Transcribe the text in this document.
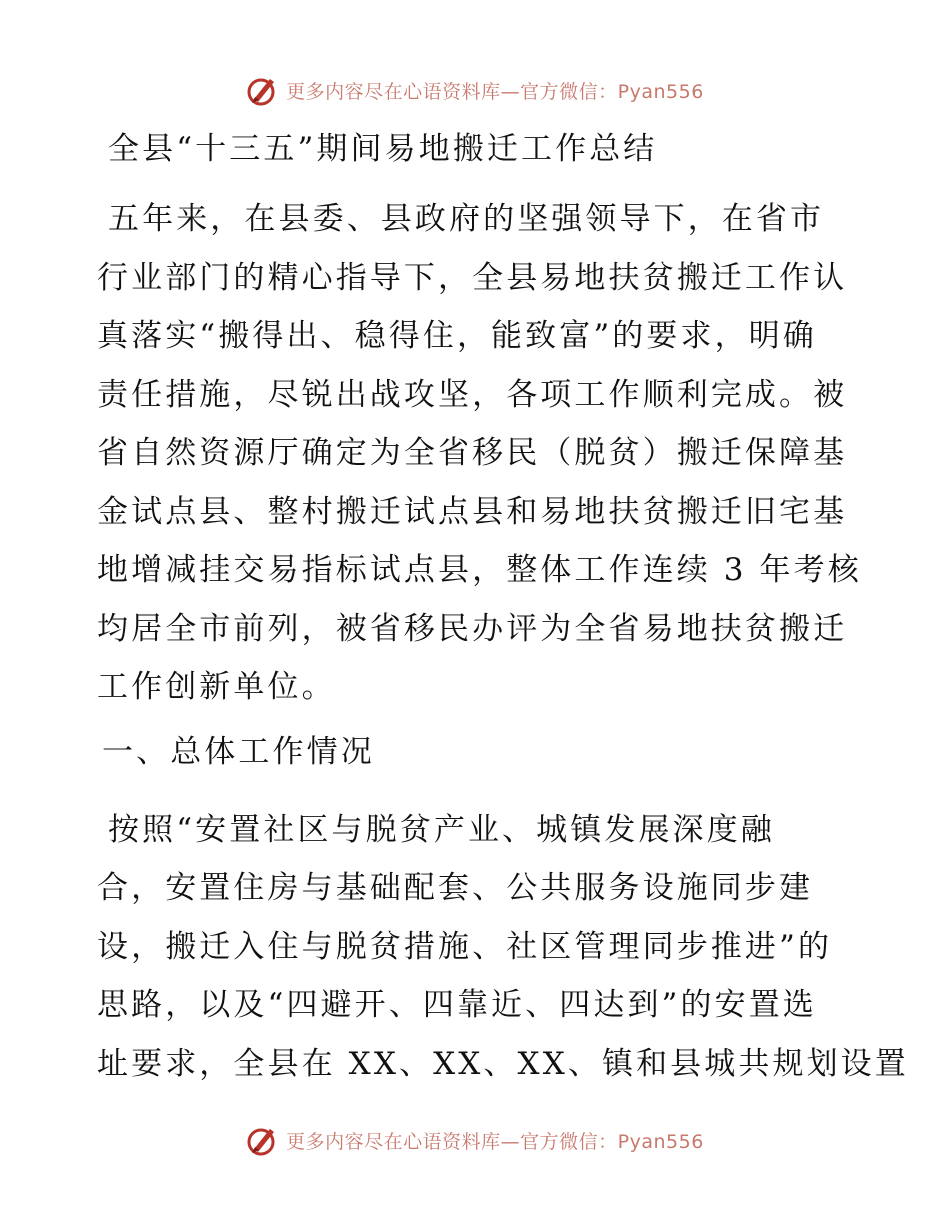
更多内容尽在心语资料库—官方微信：Pyan556

全县“十三五”期间易地搬迁工作总结

五年来，在县委、县政府的坚强领导下，在省市
行业部门的精心指导下，全县易地扶贫搬迁工作认
真落实“搬得出、稳得住，能致富”的要求，明确
责任措施，尽锐出战攻坚，各项工作顺利完成。被
省自然资源厅确定为全省移民（脱贫）搬迁保障基
金试点县、整村搬迁试点县和易地扶贫搬迁旧宅基
地增减挂交易指标试点县，整体工作连续 3 年考核
均居全市前列，被省移民办评为全省易地扶贫搬迁
工作创新单位。

一、总体工作情况

按照“安置社区与脱贫产业、城镇发展深度融
合，安置住房与基础配套、公共服务设施同步建
设，搬迁入住与脱贫措施、社区管理同步推进”的
思路，以及“四避开、四靠近、四达到”的安置选
址要求，全县在 XX、XX、XX、镇和县城共规划设置

更多内容尽在心语资料库—官方微信：Pyan556
